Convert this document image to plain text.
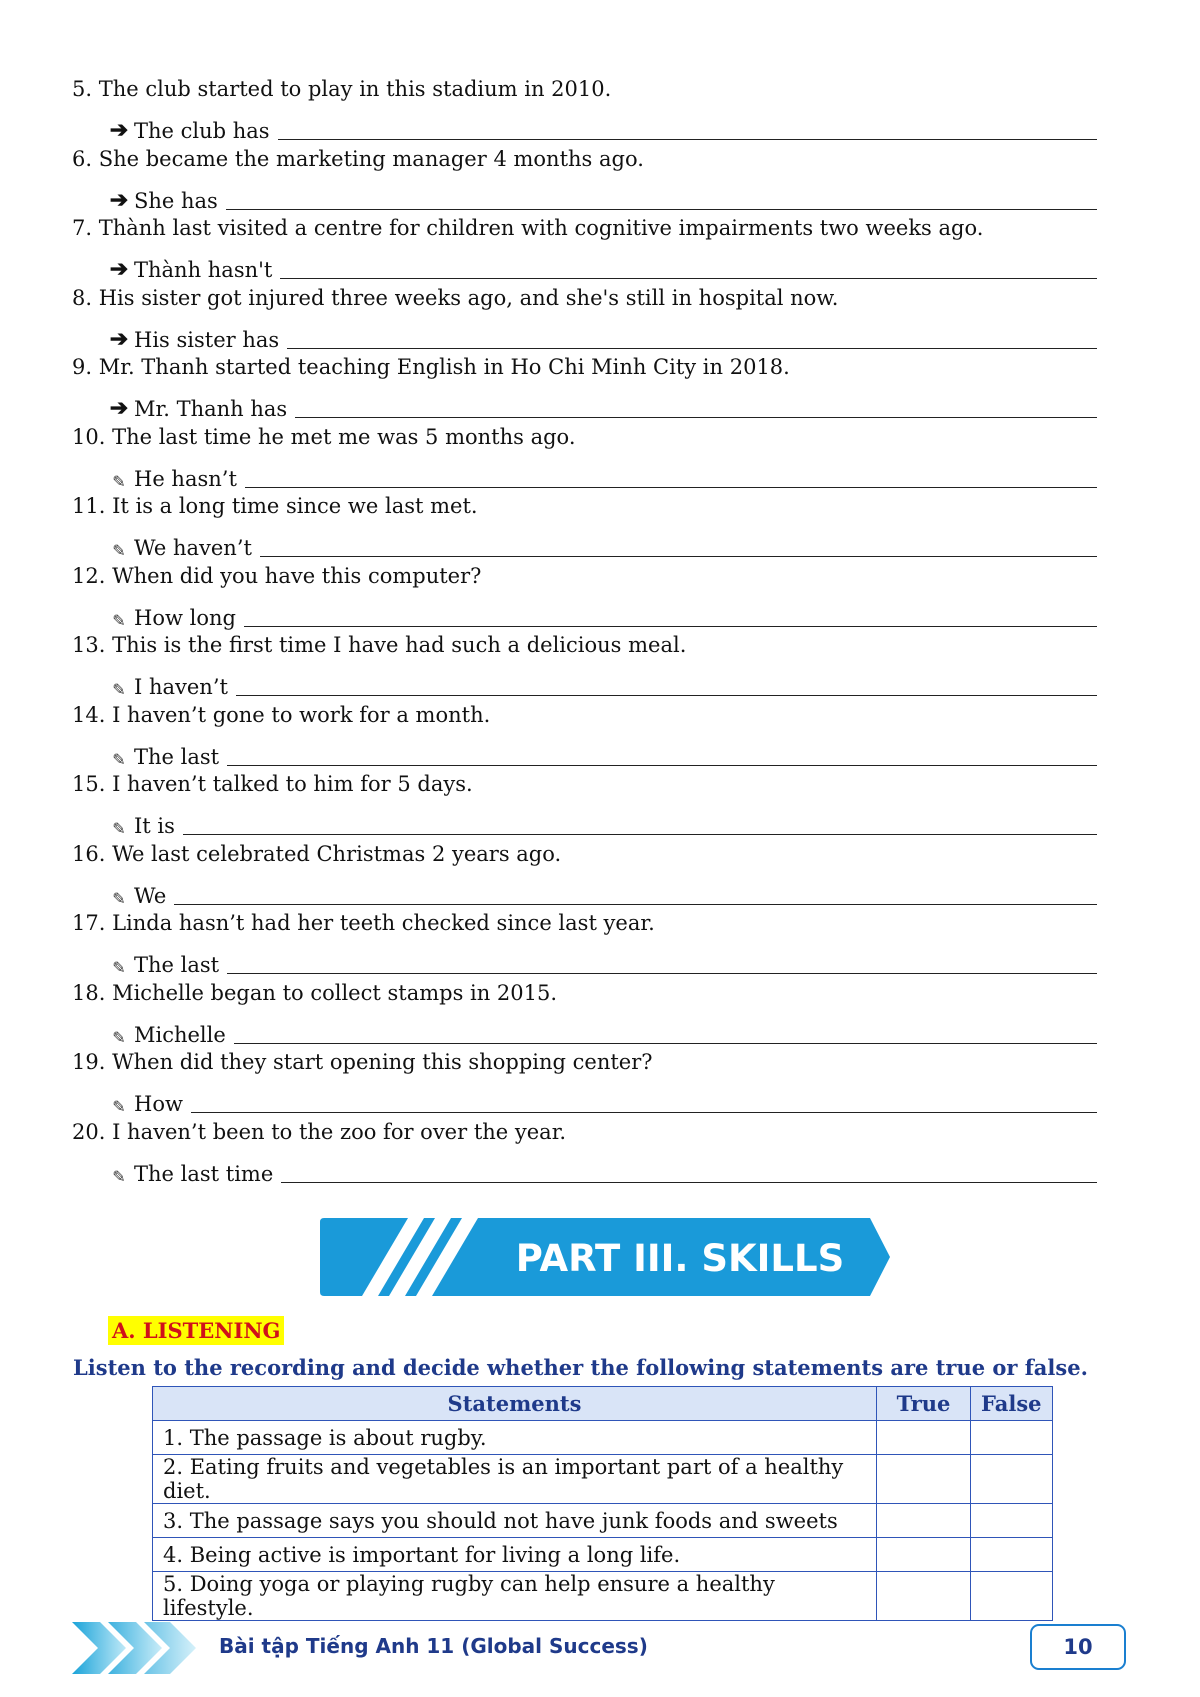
5. The club started to play in this stadium in 2010.
➔ The club has
6. She became the marketing manager 4 months ago.
➔ She has
7. Thành last visited a centre for children with cognitive impairments two weeks ago.
➔ Thành hasn't
8. His sister got injured three weeks ago, and she's still in hospital now.
➔ His sister has
9. Mr. Thanh started teaching English in Ho Chi Minh City in 2018.
➔ Mr. Thanh has
10. The last time he met me was 5 months ago.
✎ He hasn’t
11. It is a long time since we last met.
✎ We haven’t
12. When did you have this computer?
✎ How long
13. This is the first time I have had such a delicious meal.
✎ I haven’t
14. I haven’t gone to work for a month.
✎ The last
15. I haven’t talked to him for 5 days.
✎ It is
16. We last celebrated Christmas 2 years ago.
✎ We
17. Linda hasn’t had her teeth checked since last year.
✎ The last
18. Michelle began to collect stamps in 2015.
✎ Michelle
19. When did they start opening this shopping center?
✎ How
20. I haven’t been to the zoo for over the year.
✎ The last time
PART III. SKILLS
A. LISTENING
Listen to the recording and decide whether the following statements are true or false.
Statements	True	False
1. The passage is about rugby.		
2. Eating fruits and vegetables is an important part of a healthy diet.		
3. The passage says you should not have junk foods and sweets		
4. Being active is important for living a long life.		
5. Doing yoga or playing rugby can help ensure a healthy lifestyle.		
Bài tập Tiếng Anh 11 (Global Success)	10
